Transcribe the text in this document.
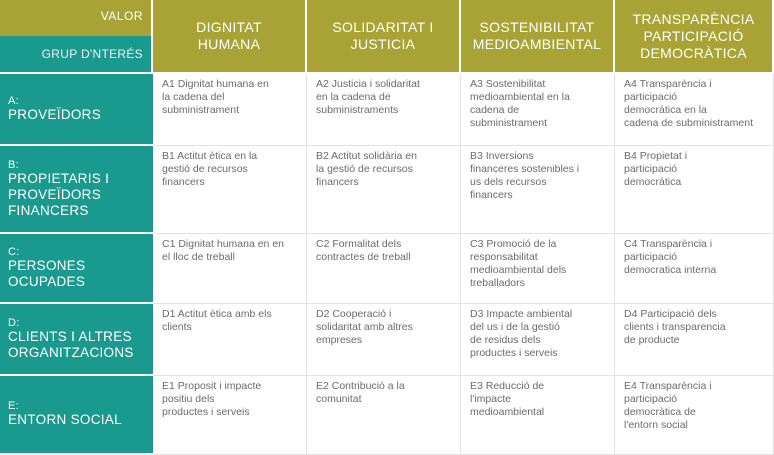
VALOR
GRUP D'NTERÉS
DIGNITAT
HUMANA
SOLIDARITAT I
JUSTICIA
SOSTENIBILITAT
MEDIOAMBIENTAL
TRANSPARÈNCIA
PARTICIPACIÓ
DEMOCRÀTICA
A:
PROVEÏDORS
A1 Dignitat humana en
la cadena del
subministrament
A2 Justicia i solidaritat
en la cadena de
subministraments
A3 Sostenibilitat
medioambiental en la
cadena de
subministrament
A4 Transparència i
participació
democràtica en la
cadena de subministrament
B:
PROPIETARIS I
PROVEÏDORS
FINANCERS
B1 Actitut ètica en la
gestió de recursos
financers
B2 Actitut solidària en
la gestió de recursos
financers
B3 Inversions
financeres sostenibles i
us dels recursos
financers
B4 Propietat i
participació
democràtica
C:
PERSONES
OCUPADES
C1 Dignitat humana en en
el lloc de treball
C2 Formalitat dels
contractes de treball
C3 Promoció de la
responsabilitat
medioambiental dels
treballadors
C4 Transparència i
participació
democratica interna
D:
CLIENTS I ALTRES
ORGANITZACIONS
D1 Actitut ètica amb els
clients
D2 Cooperació i
solidaritat amb altres
empreses
D3 Impacte ambiental
del us i de la gestió
de residus dels
productes i serveis
D4 Participació dels
clients i transparencia
de producte
E:
ENTORN SOCIAL
E1 Proposit i impacte
positiu dels
productes i serveis
E2 Contribució a la
comunitat
E3 Reducció de
l'impacte
medioambiental
E4 Transparència i
participació
democràtica de
l'entorn social
